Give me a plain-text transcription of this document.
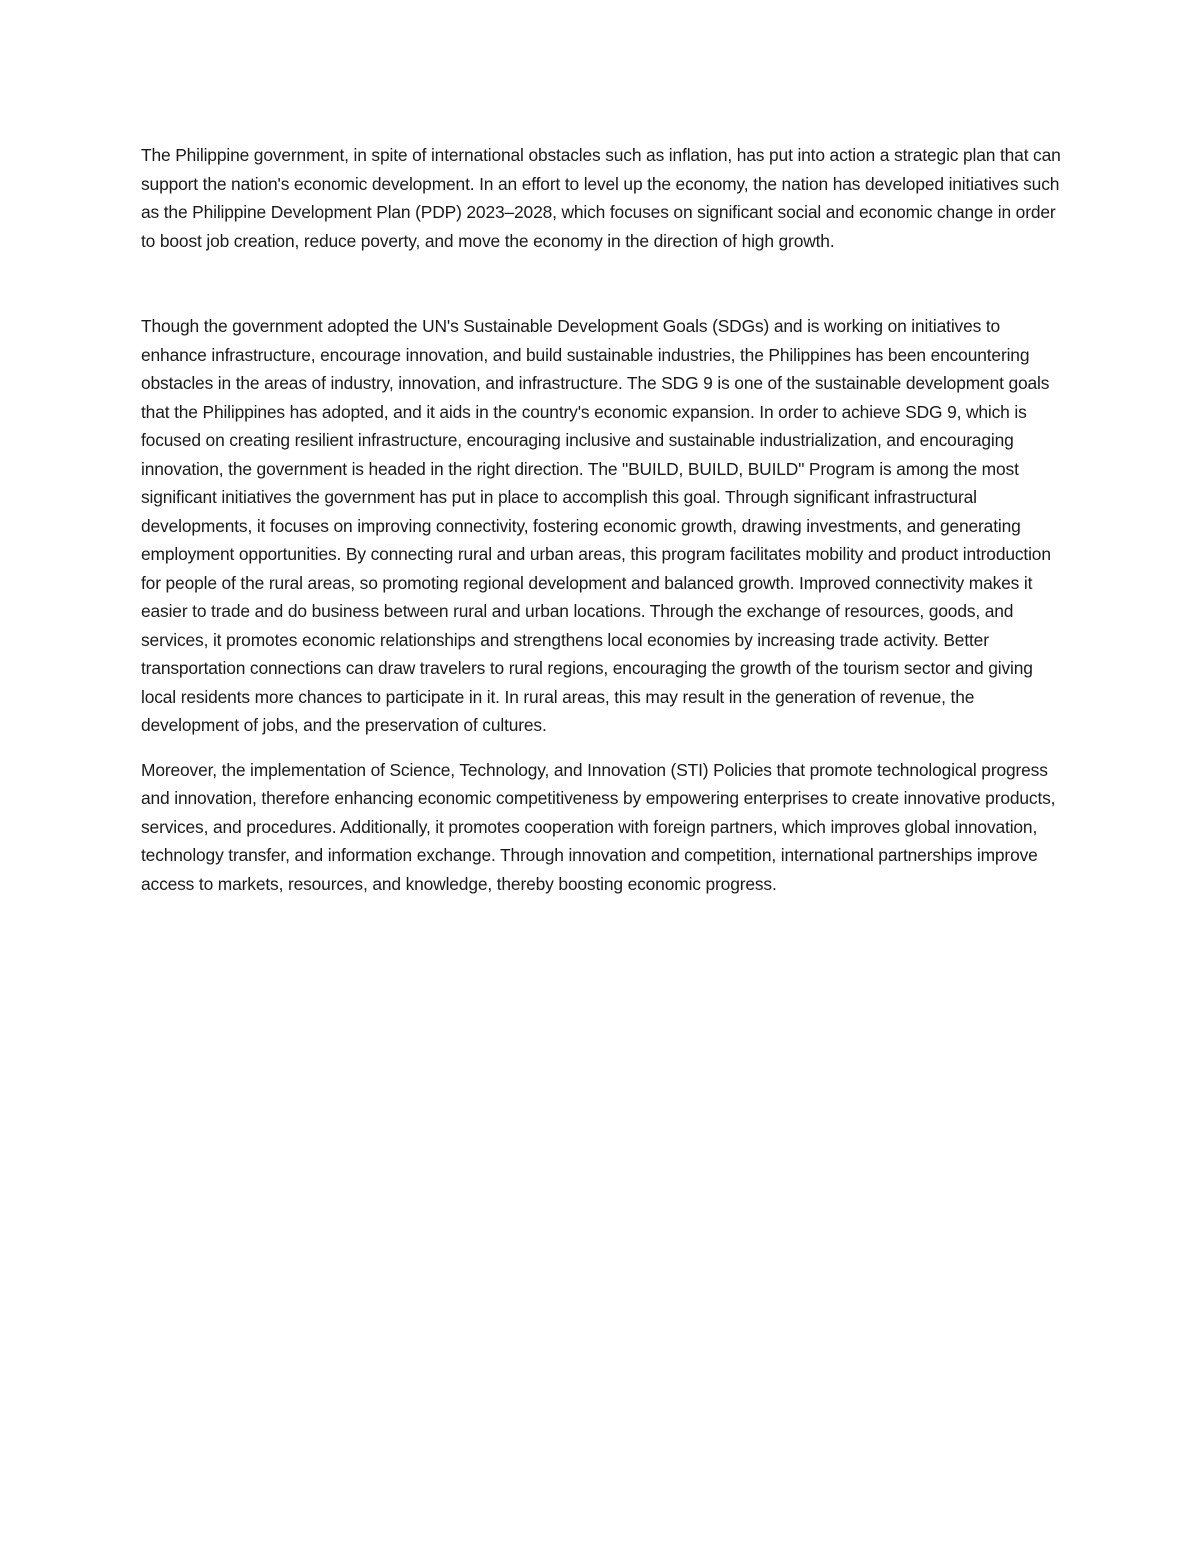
The Philippine government, in spite of international obstacles such as inflation, has put into action a strategic plan that can support the nation's economic development. In an effort to level up the economy, the nation has developed initiatives such as the Philippine Development Plan (PDP) 2023–2028, which focuses on significant social and economic change in order to boost job creation, reduce poverty, and move the economy in the direction of high growth.

Though the government adopted the UN's Sustainable Development Goals (SDGs) and is working on initiatives to enhance infrastructure, encourage innovation, and build sustainable industries, the Philippines has been encountering obstacles in the areas of industry, innovation, and infrastructure. The SDG 9 is one of the sustainable development goals that the Philippines has adopted, and it aids in the country's economic expansion. In order to achieve SDG 9, which is focused on creating resilient infrastructure, encouraging inclusive and sustainable industrialization, and encouraging innovation, the government is headed in the right direction. The "BUILD, BUILD, BUILD" Program is among the most significant initiatives the government has put in place to accomplish this goal. Through significant infrastructural developments, it focuses on improving connectivity, fostering economic growth, drawing investments, and generating employment opportunities. By connecting rural and urban areas, this program facilitates mobility and product introduction for people of the rural areas, so promoting regional development and balanced growth. Improved connectivity makes it easier to trade and do business between rural and urban locations. Through the exchange of resources, goods, and services, it promotes economic relationships and strengthens local economies by increasing trade activity. Better transportation connections can draw travelers to rural regions, encouraging the growth of the tourism sector and giving local residents more chances to participate in it. In rural areas, this may result in the generation of revenue, the development of jobs, and the preservation of cultures.

Moreover, the implementation of Science, Technology, and Innovation (STI) Policies that promote technological progress and innovation, therefore enhancing economic competitiveness by empowering enterprises to create innovative products, services, and procedures. Additionally, it promotes cooperation with foreign partners, which improves global innovation, technology transfer, and information exchange. Through innovation and competition, international partnerships improve access to markets, resources, and knowledge, thereby boosting economic progress.
